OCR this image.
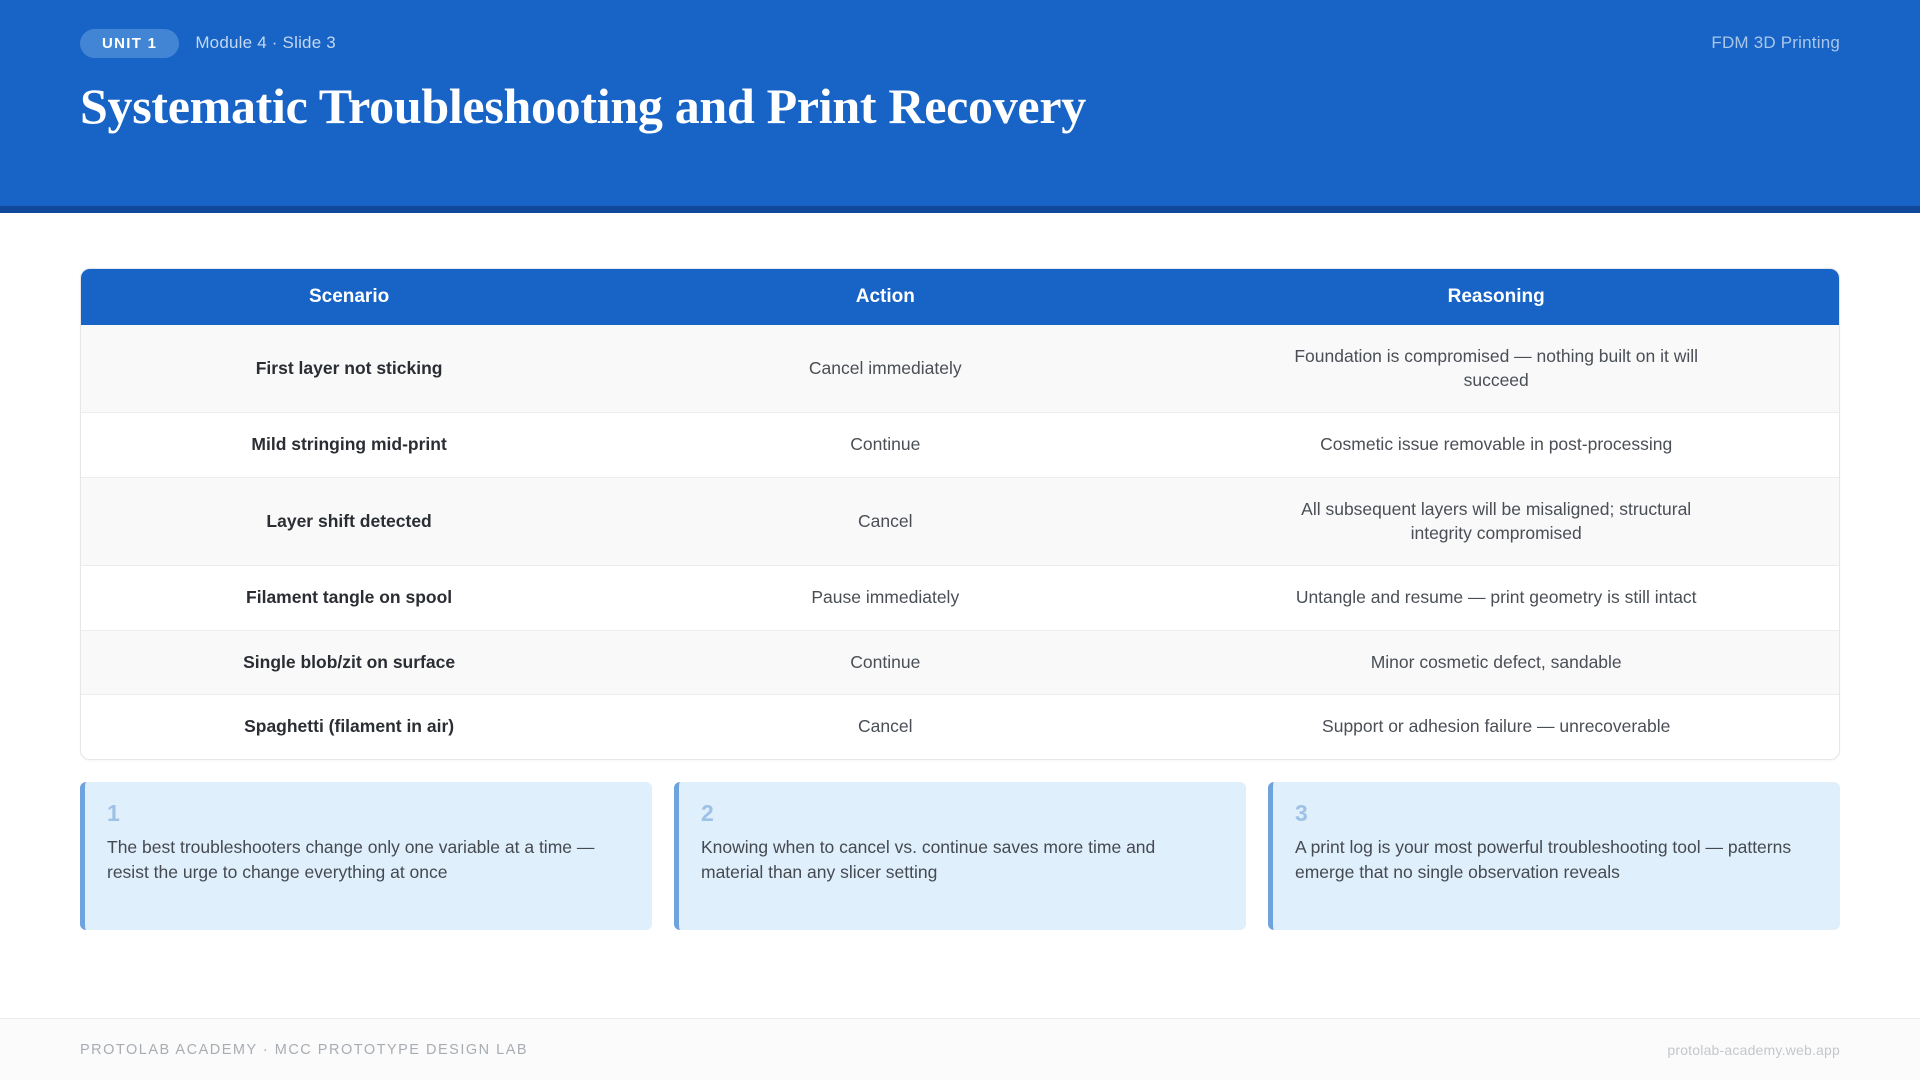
UNIT 1	Module 4 · Slide 3	FDM 3D Printing
Systematic Troubleshooting and Print Recovery
Scenario	Action	Reasoning
First layer not sticking	Cancel immediately	Foundation is compromised — nothing built on it will
succeed
Mild stringing mid-print	Continue	Cosmetic issue removable in post-processing

Layer shift detected	Cancel	All subsequent layers will be misaligned; structural
integrity compromised
Filament tangle on spool	Pause immediately	Untangle and resume — print geometry is still intact

Single blob/zit on surface	Continue	Minor cosmetic defect, sandable

Spaghetti (filament in air)	Cancel	Support or adhesion failure — unrecoverable
1
The best troubleshooters change only one variable at a time — resist the urge to change everything at once
2
Knowing when to cancel vs. continue saves more time and material than any slicer setting
3
A print log is your most powerful troubleshooting tool — patterns emerge that no single observation reveals
PROTOLAB ACADEMY · MCC PROTOTYPE DESIGN LAB	protolab-academy.web.app
